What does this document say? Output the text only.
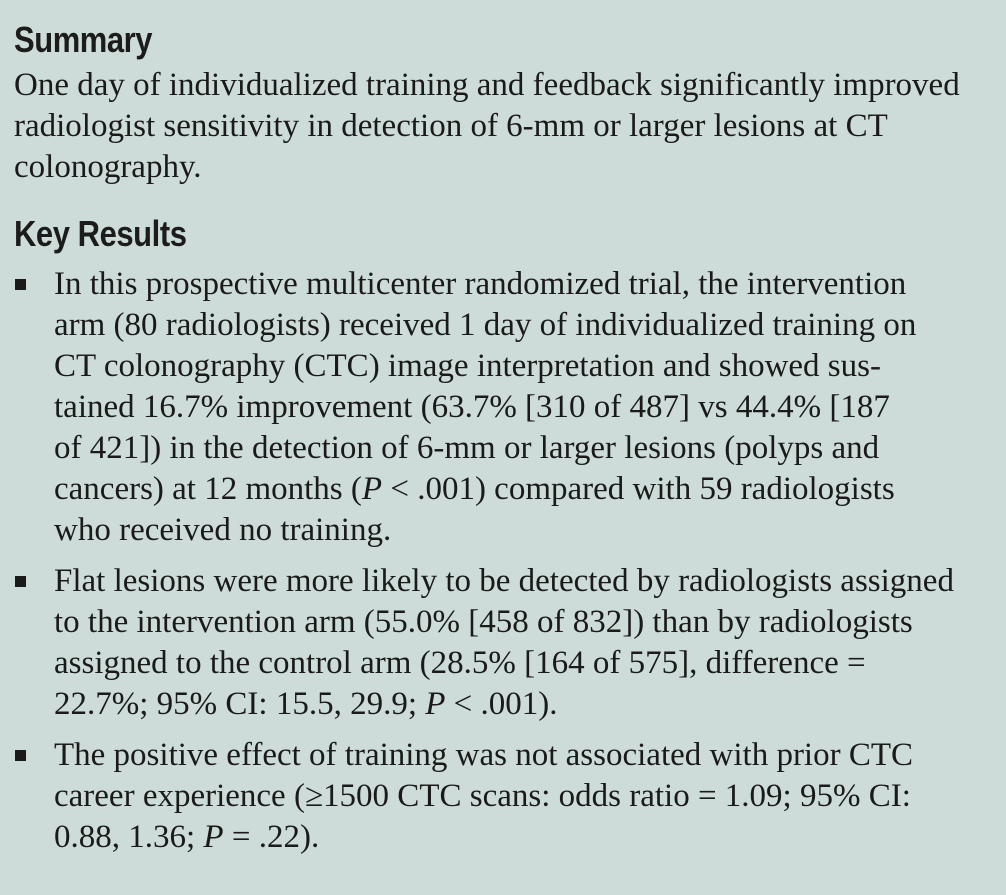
Summary

One day of individualized training and feedback significantly improved
radiologist sensitivity in detection of 6-mm or larger lesions at CT
colonography.

Key Results
In this prospective multicenter randomized trial, the intervention
arm (80 radiologists) received 1 day of individualized training on
CT colonography (CTC) image interpretation and showed sus-
tained 16.7% improvement (63.7% [310 of 487] vs 44.4% [187
of 421]) in the detection of 6-mm or larger lesions (polyps and
cancers) at 12 months (P < .001) compared with 59 radiologists
who received no training.
Flat lesions were more likely to be detected by radiologists assigned
to the intervention arm (55.0% [458 of 832]) than by radiologists
assigned to the control arm (28.5% [164 of 575], difference =
22.7%; 95% CI: 15.5, 29.9; P < .001).
The positive effect of training was not associated with prior CTC
career experience (≥1500 CTC scans: odds ratio = 1.09; 95% CI:
0.88, 1.36; P = .22).
